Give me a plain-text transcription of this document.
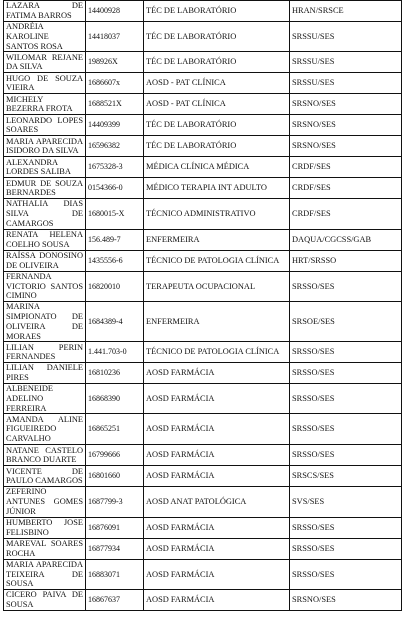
LAZARA DE FATIMA BARROS	14400928	TÉC DE LABORATÓRIO	HRAN/SRSCE
ANDRÉIA KAROLINE SANTOS ROSA	14418037	TÉC DE LABORATÓRIO	SRSSU/SES
WILOMAR REJANE DA SILVA	198926X	TÉC DE LABORATÓRIO	SRSSU/SES
HUGO DE SOUZA VIEIRA	1686607x	AOSD - PAT CLÍNICA	SRSSU/SES
MICHELY BEZERRA FROTA	1688521X	AOSD - PAT CLÍNICA	SRSNO/SES
LEONARDO LOPES SOARES	14409399	TÉC DE LABORATÓRIO	SRSNO/SES
MARIA APARECIDA ISIDORO DA SILVA	16596382	TÉC DE LABORATÓRIO	SRSNO/SES
ALEXANDRA LORDES SALIBA	1675328-3	MÉDICA CLÍNICA MÉDICA	CRDF/SES
EDMUR DE SOUZA BERNARDES	0154366-0	MÉDICO TERAPIA INT ADULTO	CRDF/SES
NATHALIA DIAS SILVA DE CAMARGOS	1680015-X	TÉCNICO ADMINISTRATIVO	CRDF/SES
RENATA HELENA COELHO SOUSA	156.489-7	ENFERMEIRA	DAQUA/CGCSS/GAB
RAÍSSA DONOSINO DE OLIVEIRA	1435556-6	TÉCNICO DE PATOLOGIA CLÍNICA	HRT/SRSSO
FERNANDA VICTORIO SANTOS CIMINO	16820010	TERAPEUTA OCUPACIONAL	SRSSO/SES
MARINA SIMPIONATO DE OLIVEIRA DE MORAES	1684389-4	ENFERMEIRA	SRSOE/SES
LILIAN PERIN FERNANDES	1.441.703-0	TÉCNICO DE PATOLOGIA CLÍNICA	SRSSO/SES
LILIAN DANIELE PIRES	16810236	AOSD FARMÁCIA	SRSSO/SES
ALBENEIDE ADELINO FERREIRA	16868390	AOSD FARMÁCIA	SRSSO/SES
AMANDA ALINE FIGUEIREDO CARVALHO	16865251	AOSD FARMÁCIA	SRSSO/SES
NATANE CASTELO BRANCO DUARTE	16799666	AOSD FARMÁCIA	SRSSO/SES
VICENTE DE PAULO CAMARGOS	16801660	AOSD FARMÁCIA	SRSCS/SES
ZEFERINO ANTUNES GOMES JÚNIOR	1687799-3	AOSD ANAT PATOLÓGICA	SVS/SES
HUMBERTO JOSE FELISBINO	16876091	AOSD FARMÁCIA	SRSSO/SES
MAREVAL SOARES ROCHA	16877934	AOSD FARMÁCIA	SRSSO/SES
MARIA APARECIDA TEIXEIRA DE SOUSA	16883071	AOSD FARMÁCIA	SRSSO/SES
CICERO PAIVA DE SOUSA	16867637	AOSD FARMÁCIA	SRSNO/SES
